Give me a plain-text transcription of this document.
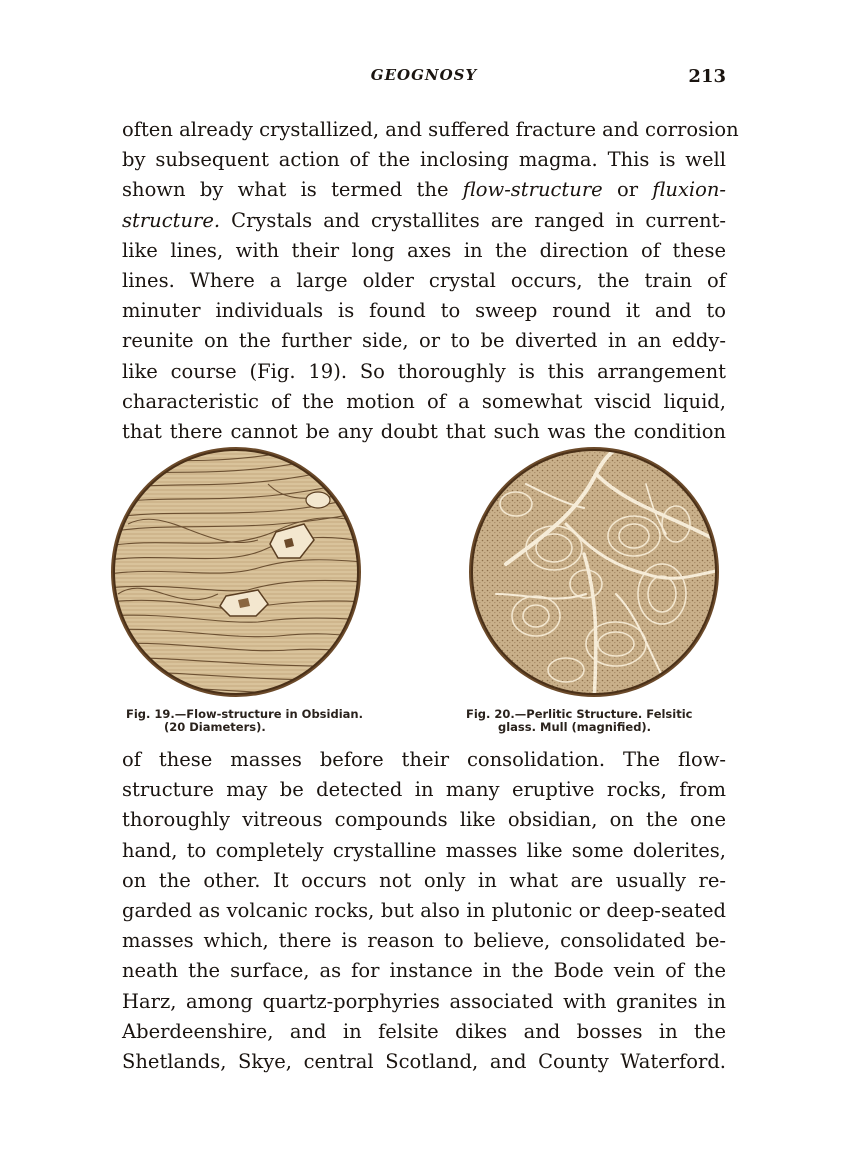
GEOGNOSY	213
often already crystallized, and suffered fracture and corrosion
by subsequent action of the inclosing magma. This is well
shown by what is termed the flow-structure or fluxion-
structure. Crystals and crystallites are ranged in current-
like lines, with their long axes in the direction of these
lines. Where a large older crystal occurs, the train of
minuter individuals is found to sweep round it and to
reunite on the further side, or to be diverted in an eddy-
like course (Fig. 19). So thoroughly is this arrangement
characteristic of the motion of a somewhat viscid liquid,
that there cannot be any doubt that such was the condition
Fig. 19.—Flow-structure in Obsidian.
(20 Diameters).
Fig. 20.—Perlitic Structure. Felsitic
glass. Mull (magnified).
of these masses before their consolidation. The flow-
structure may be detected in many eruptive rocks, from
thoroughly vitreous compounds like obsidian, on the one
hand, to completely crystalline masses like some dolerites,
on the other. It occurs not only in what are usually re-
garded as volcanic rocks, but also in plutonic or deep-seated
masses which, there is reason to believe, consolidated be-
neath the surface, as for instance in the Bode vein of the
Harz, among quartz-porphyries associated with granites in
Aberdeenshire, and in felsite dikes and bosses in the
Shetlands, Skye, central Scotland, and County Waterford.
